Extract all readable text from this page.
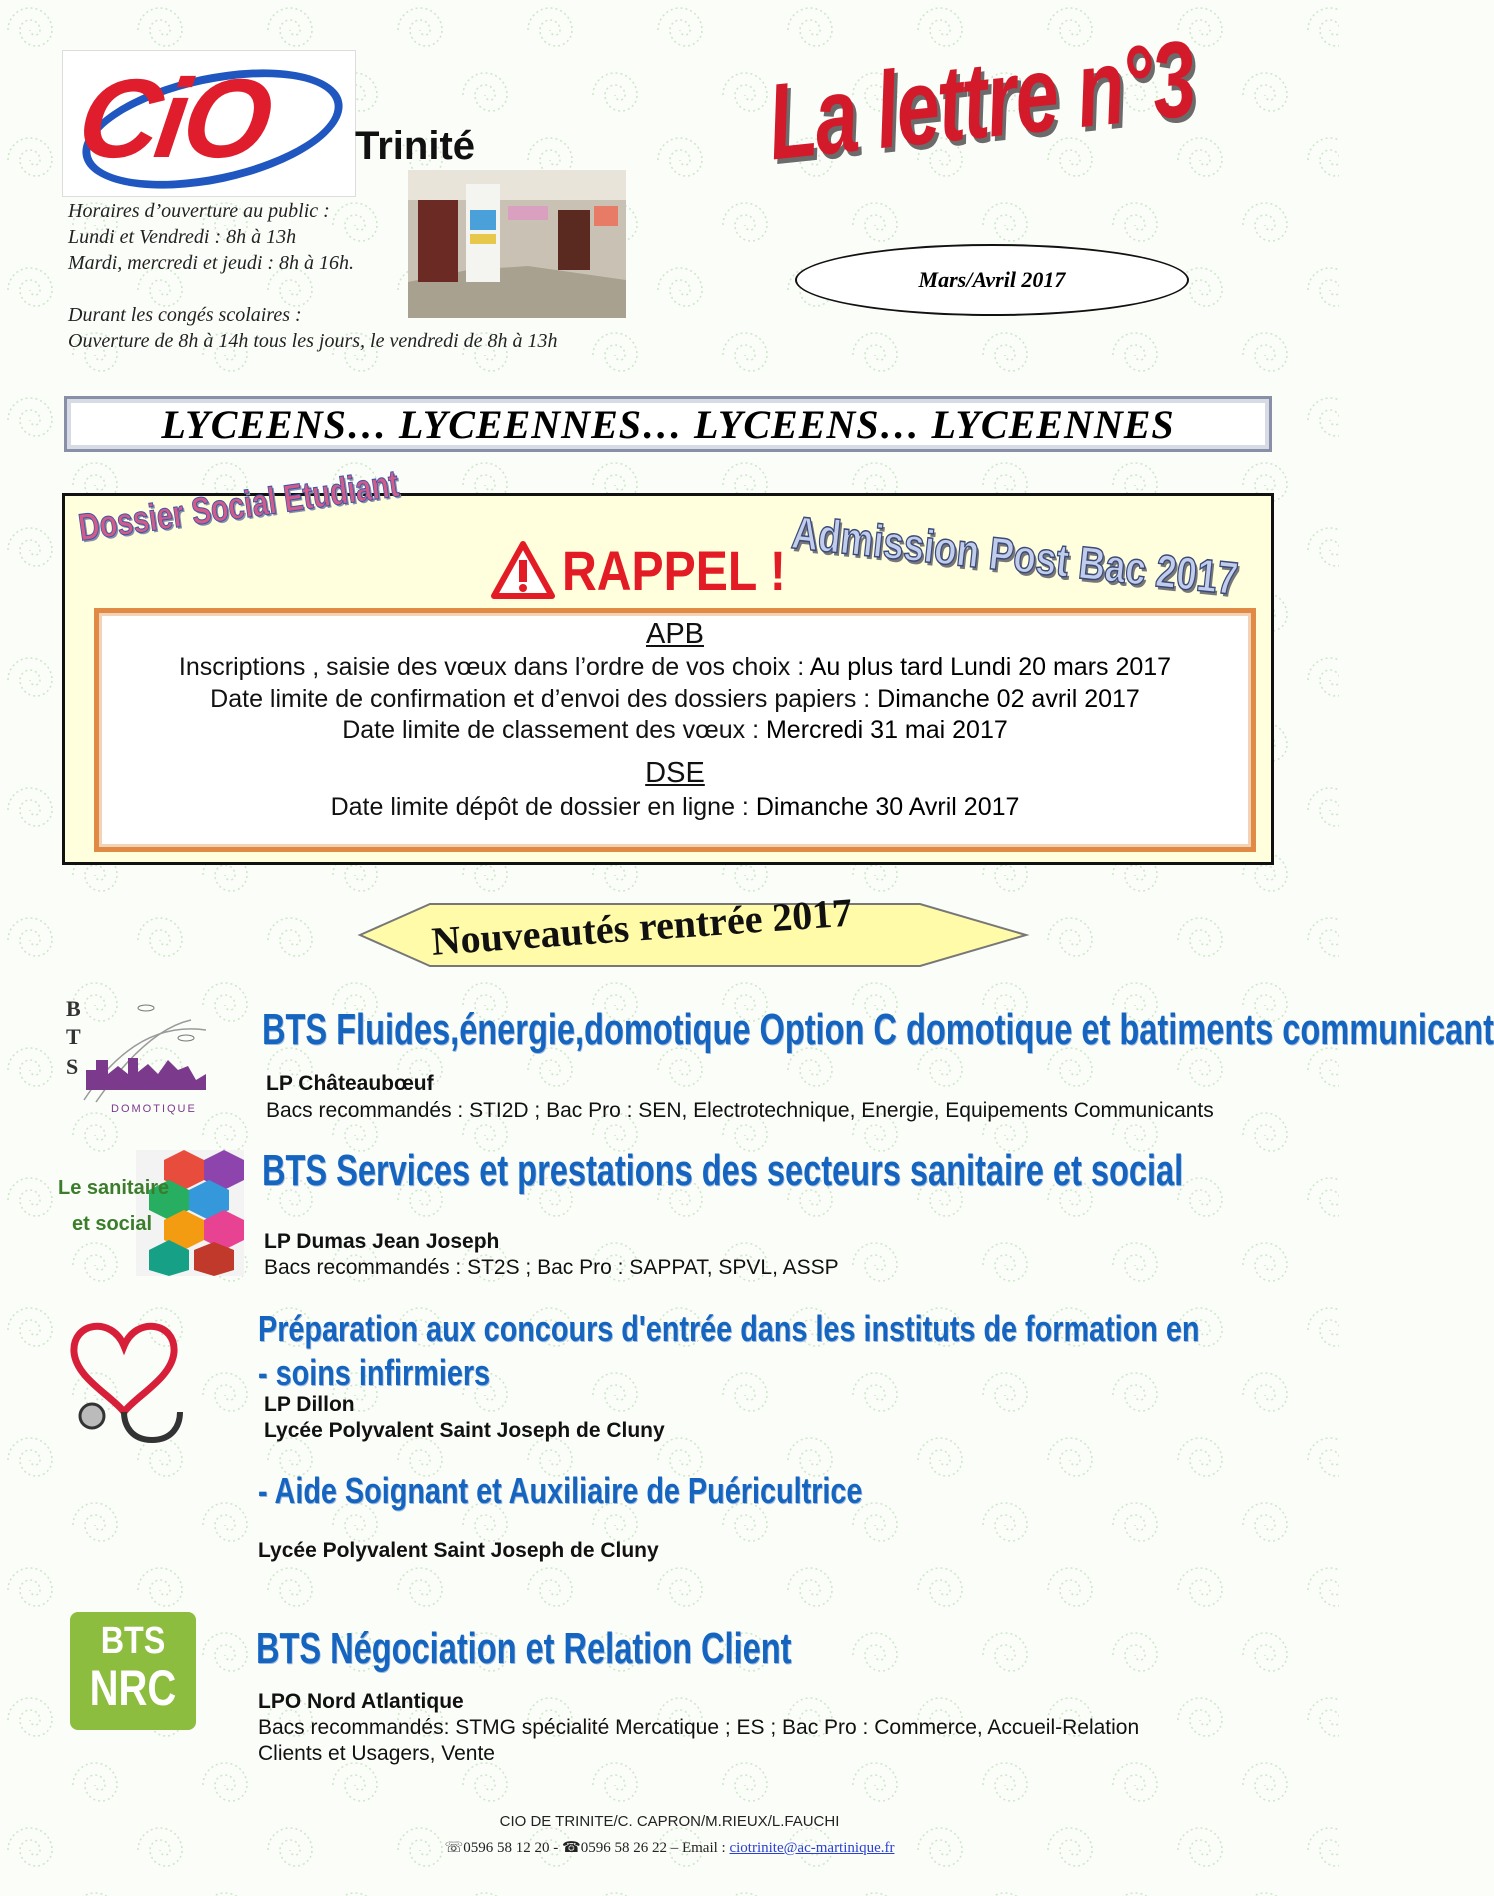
CiO Trinité	La lettre n°3
Horaires d’ouverture au public :
Lundi et Vendredi : 8h à 13h
Mardi, mercredi et jeudi : 8h à 16h.
Durant les congés scolaires :
Ouverture de 8h à 14h tous les jours, le vendredi de 8h à 13h
Mars/Avril 2017
LYCEENS… LYCEENNES… LYCEENS… LYCEENNES
Dossier Social Etudiant	Admission Post Bac 2017
RAPPEL !
APB
Inscriptions , saisie des vœux dans l’ordre de vos choix : Au plus tard Lundi 20 mars 2017
Date limite de confirmation et d’envoi des dossiers papiers : Dimanche 02 avril 2017
Date limite de classement des vœux : Mercredi 31 mai 2017
DSE
Date limite dépôt de dossier en ligne : Dimanche 30 Avril 2017
Nouveautés rentrée 2017
B
T
S
DOMOTIQUE
BTS Fluides,énergie,domotique Option C domotique et batiments communicant
LP Châteaubœuf
Bacs recommandés : STI2D ; Bac Pro : SEN, Electrotechnique, Energie, Equipements Communicants
Le sanitaire
et social
BTS Services et prestations des secteurs sanitaire et social
LP Dumas Jean Joseph
Bacs recommandés : ST2S ; Bac Pro : SAPPAT, SPVL, ASSP
Préparation aux concours d'entrée dans les instituts de formation en
- soins infirmiers
LP Dillon
Lycée Polyvalent Saint Joseph de Cluny
- Aide Soignant et Auxiliaire de Puéricultrice
Lycée Polyvalent Saint Joseph de Cluny
BTS
NRC
BTS Négociation et Relation Client
LPO Nord Atlantique
Bacs recommandés: STMG spécialité Mercatique ; ES ; Bac Pro : Commerce, Accueil-Relation
Clients et Usagers, Vente
CIO DE TRINITE/C. CAPRON/M.RIEUX/L.FAUCHI
☏0596 58 12 20 - ☎0596 58 26 22 – Email : ciotrinite@ac-martinique.fr
